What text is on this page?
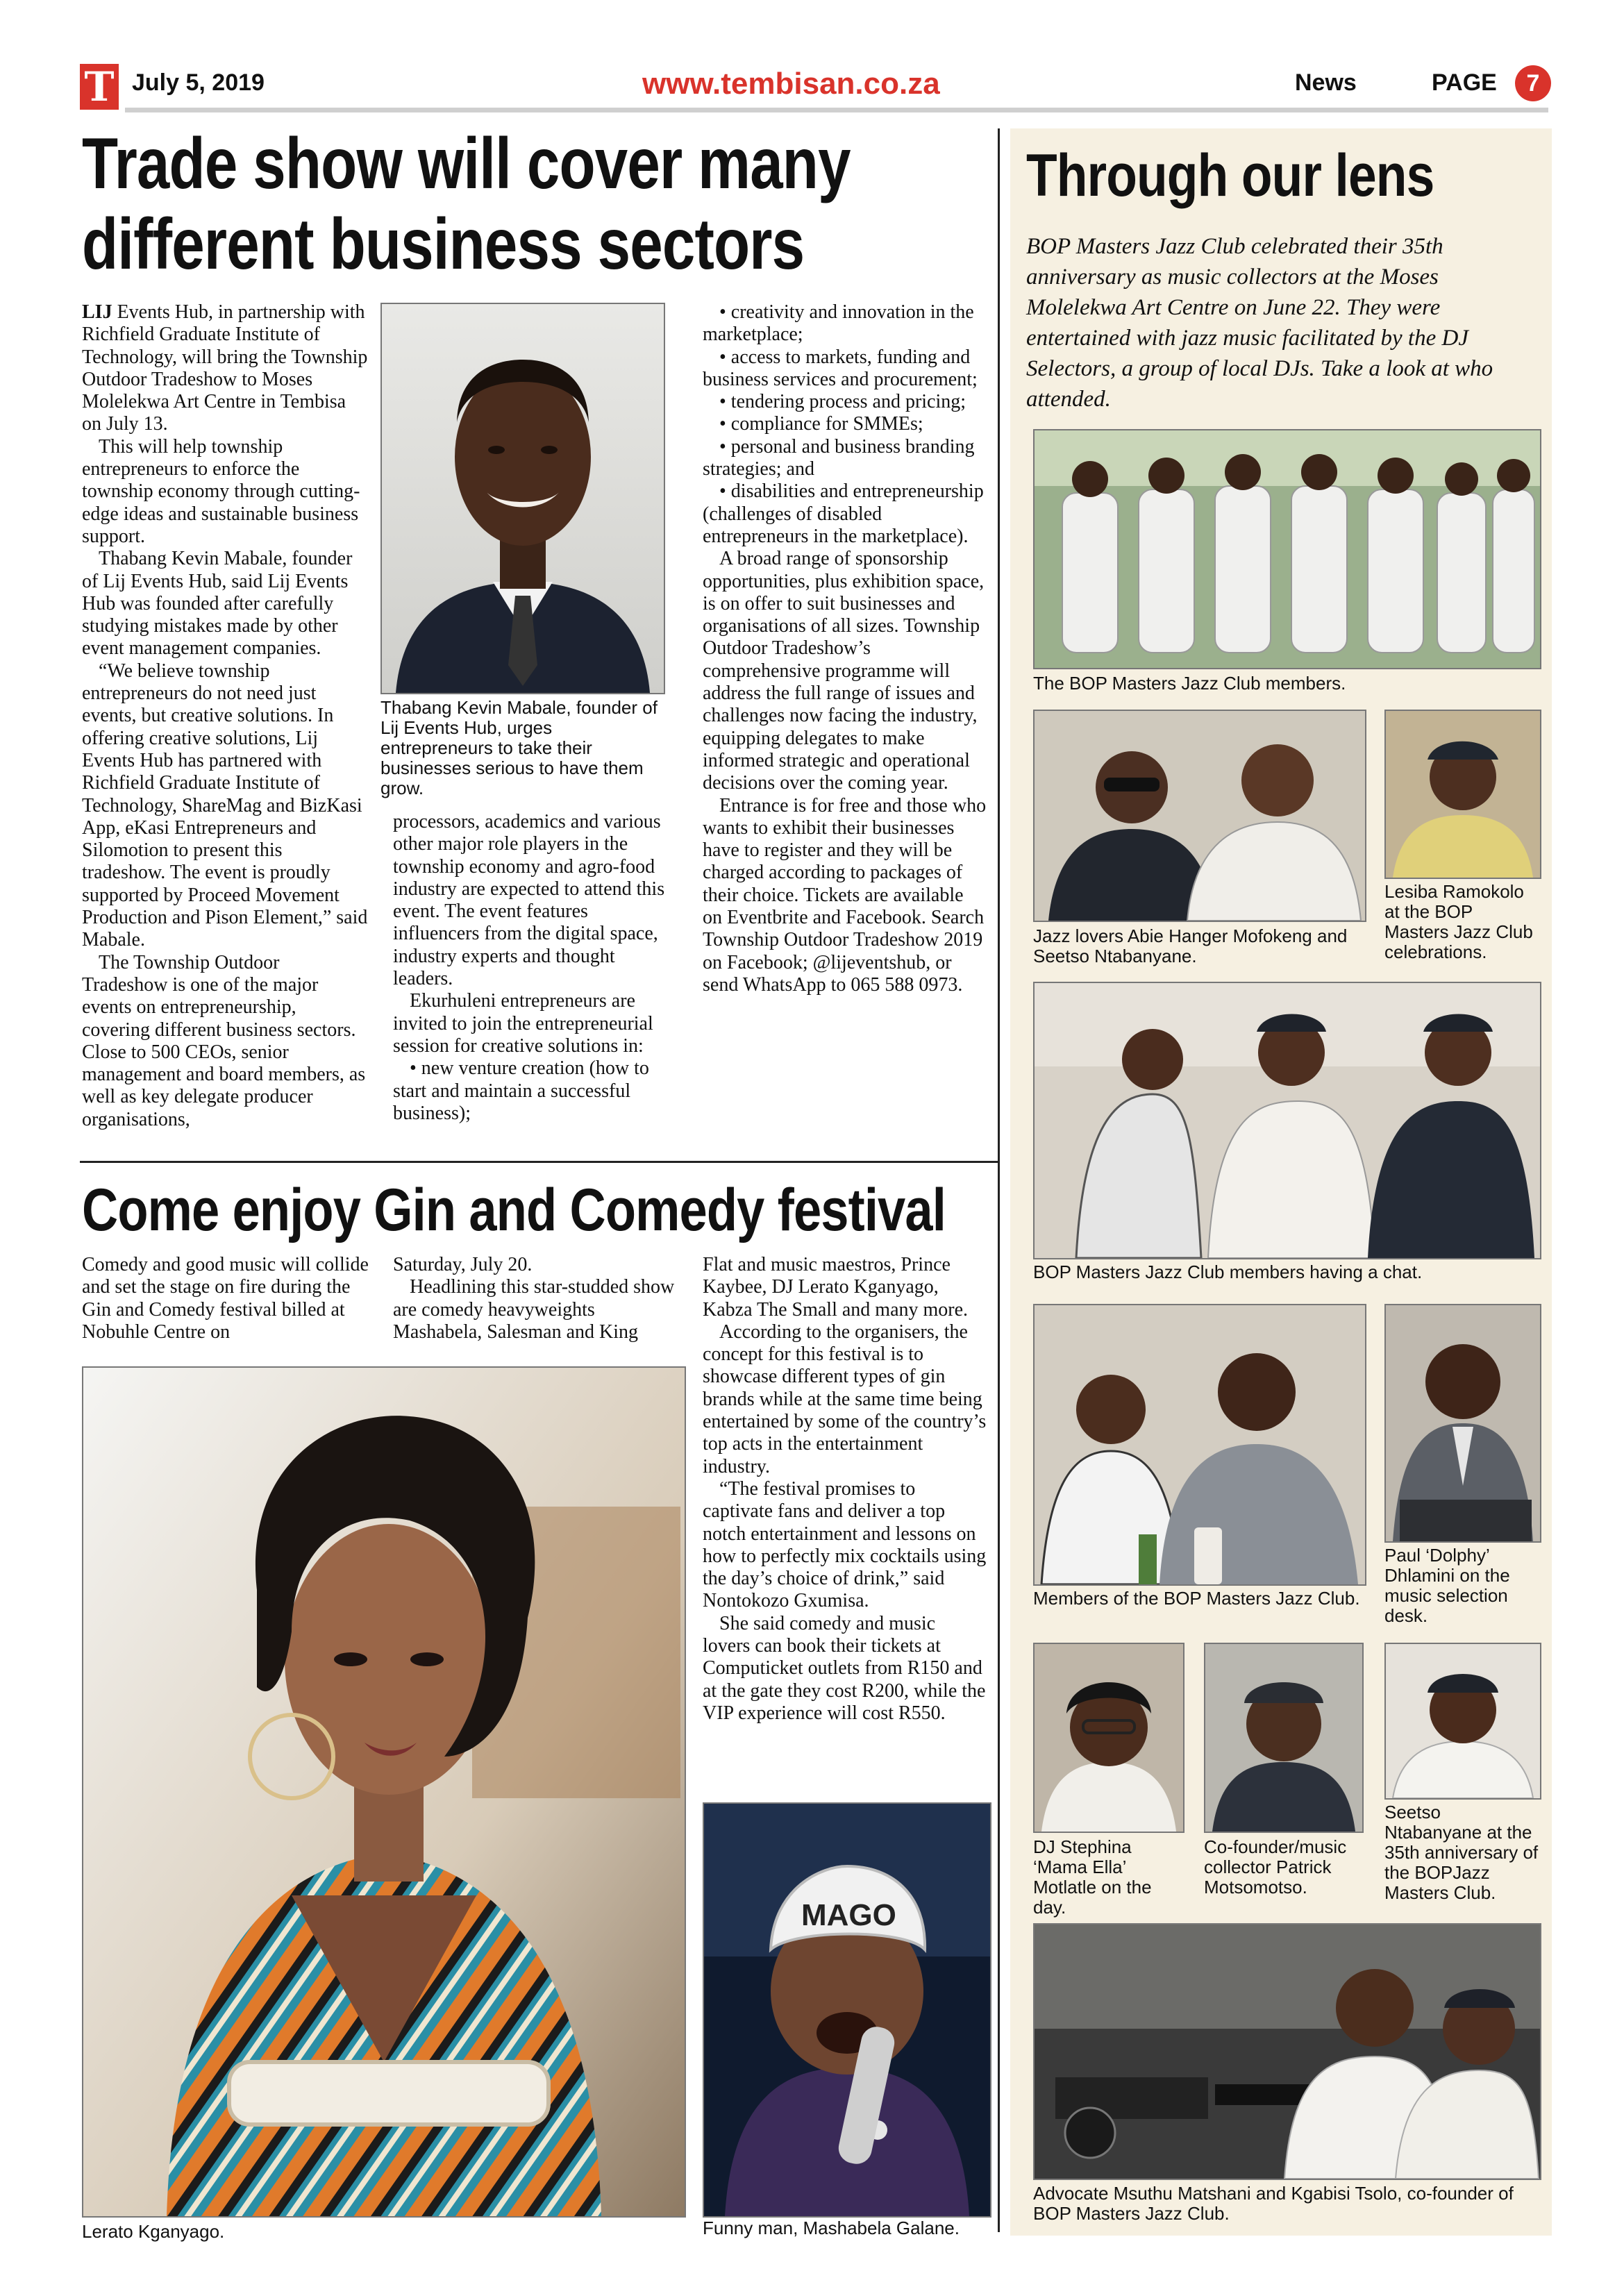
T July 5, 2019	www.tembisan.co.za	News	PAGE	7
Trade show will cover many
different business sectors

LIJ Events Hub, in partnership with Richfield Graduate Institute of Technology, will bring the Township Outdoor Tradeshow to Moses Molelekwa Art Centre in Tembisa on July 13.

This will help township entrepreneurs to enforce the township economy through cutting-edge ideas and sustainable business support.

Thabang Kevin Mabale, founder of Lij Events Hub, said Lij Events Hub was founded after carefully studying mistakes made by other event management companies.

“We believe township entrepreneurs do not need just events, but creative solutions. In offering creative solutions, Lij Events Hub has partnered with Richfield Graduate Institute of Technology, ShareMag and BizKasi App, eKasi Entrepreneurs and Silomotion to present this tradeshow. The event is proudly supported by Proceed Movement Production and Pison Element,” said Mabale.

The Township Outdoor Tradeshow is one of the major events on entrepreneurship, covering different business sectors. Close to 500 CEOs, senior management and board members, as well as key delegate producer organisations,

Thabang Kevin Mabale, founder of Lij Events Hub, urges entrepreneurs to take their businesses serious to have them grow.

processors, academics and various other major role players in the township economy and agro-food industry are expected to attend this event. The event features influencers from the digital space, industry experts and thought leaders.

Ekurhuleni entrepreneurs are invited to join the entrepreneurial session for creative solutions in:

• new venture creation (how to start and maintain a successful business);

• creativity and innovation in the marketplace;

• access to markets, funding and business services and procurement;

• tendering process and pricing;

• compliance for SMMEs;

• personal and business branding strategies; and

• disabilities and entrepreneurship (challenges of disabled entrepreneurs in the marketplace).

A broad range of sponsorship opportunities, plus exhibition space, is on offer to suit businesses and organisations of all sizes. Township Outdoor Tradeshow’s comprehensive programme will address the full range of issues and challenges now facing the industry, equipping delegates to make informed strategic and operational decisions over the coming year.

Entrance is for free and those who wants to exhibit their businesses have to register and they will be charged according to packages of their choice. Tickets are available on Eventbrite and Facebook. Search Township Outdoor Tradeshow 2019 on Facebook; @lijeventshub, or send WhatsApp to 065 588 0973.

Come enjoy Gin and Comedy festival

Comedy and good music will collide and set the stage on fire during the Gin and Comedy festival billed at Nobuhle Centre on

Saturday, July 20.

Headlining this star-studded show are comedy heavyweights Mashabela, Salesman and King

Flat and music maestros, Prince Kaybee, DJ Lerato Kganyago, Kabza The Small and many more.

According to the organisers, the concept for this festival is to showcase different types of gin brands while at the same time being entertained by some of the country’s top acts in the entertainment industry.

“The festival promises to captivate fans and deliver a top notch entertainment and lessons on how to perfectly mix cocktails using the day’s choice of drink,” said Nontokozo Gxumisa.

She said comedy and music lovers can book their tickets at Computicket outlets from R150 and at the gate they cost R200, while the VIP experience will cost R550.

Lerato Kganyago.
MAGO
Funny man, Mashabela Galane.
Through our lens
BOP Masters Jazz Club celebrated their 35th anniversary as music collectors at the Moses Molelekwa Art Centre on June 22. They were entertained with jazz music facilitated by the DJ Selectors, a group of local DJs. Take a look at who attended.
The BOP Masters Jazz Club members.
Jazz lovers Abie Hanger Mofokeng and Seetso Ntabanyane.
Lesiba Ramokolo at the BOP Masters Jazz Club celebrations.
BOP Masters Jazz Club members having a chat.
Members of the BOP Masters Jazz Club.
Paul ‘Dolphy’ Dhlamini on the music selection desk.
DJ Stephina ‘Mama Ella’ Motlatle on the day.
Co-founder/music collector Patrick Motsomotso.
Seetso Ntabanyane at the 35th anniversary of the BOPJazz Masters Club.
Advocate Msuthu Matshani and Kgabisi Tsolo, co-founder of BOP Masters Jazz Club.
